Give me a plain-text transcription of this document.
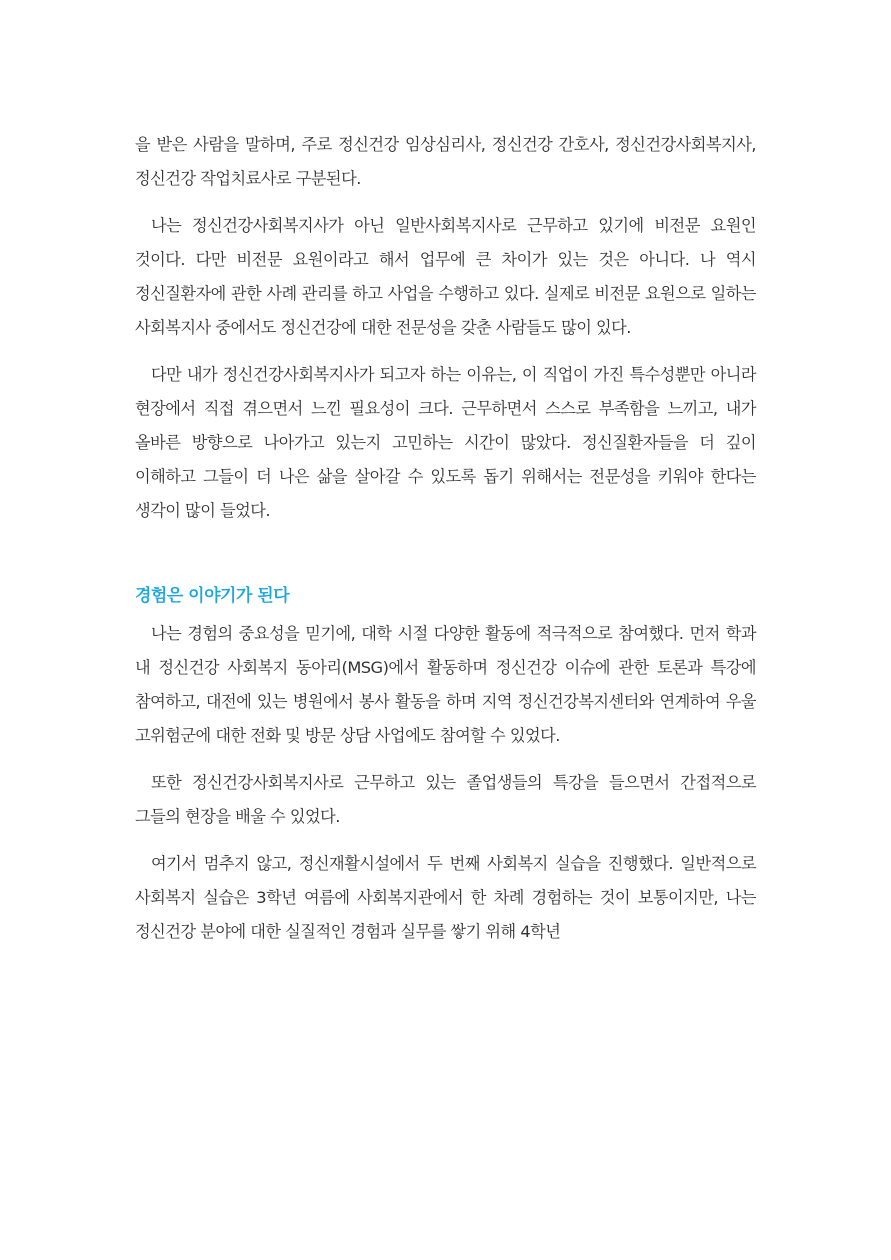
을 받은 사람을 말하며, 주로 정신건강 임상심리사, 정신건강 간호사, 정신건강사회복지사, 정신건강 작업치료사로 구분된다.

나는 정신건강사회복지사가 아닌 일반사회복지사로 근무하고 있기에 비전문 요원인 것이다. 다만 비전문 요원이라고 해서 업무에 큰 차이가 있는 것은 아니다. 나 역시 정신질환자에 관한 사례 관리를 하고 사업을 수행하고 있다. 실제로 비전문 요원으로 일하는 사회복지사 중에서도 정신건강에 대한 전문성을 갖춘 사람들도 많이 있다.

다만 내가 정신건강사회복지사가 되고자 하는 이유는, 이 직업이 가진 특수성뿐만 아니라 현장에서 직접 겪으면서 느낀 필요성이 크다. 근무하면서 스스로 부족함을 느끼고, 내가 올바른 방향으로 나아가고 있는지 고민하는 시간이 많았다. 정신질환자들을 더 깊이 이해하고 그들이 더 나은 삶을 살아갈 수 있도록 돕기 위해서는 전문성을 키워야 한다는 생각이 많이 들었다.

경험은 이야기가 된다

나는 경험의 중요성을 믿기에, 대학 시절 다양한 활동에 적극적으로 참여했다. 먼저 학과 내 정신건강 사회복지 동아리(MSG)에서 활동하며 정신건강 이슈에 관한 토론과 특강에 참여하고, 대전에 있는 병원에서 봉사 활동을 하며 지역 정신건강복지센터와 연계하여 우울 고위험군에 대한 전화 및 방문 상담 사업에도 참여할 수 있었다.

또한 정신건강사회복지사로 근무하고 있는 졸업생들의 특강을 들으면서 간접적으로 그들의 현장을 배울 수 있었다.

여기서 멈추지 않고, 정신재활시설에서 두 번째 사회복지 실습을 진행했다. 일반적으로 사회복지 실습은 3학년 여름에 사회복지관에서 한 차례 경험하는 것이 보통이지만, 나는 정신건강 분야에 대한 실질적인 경험과 실무를 쌓기 위해 4학년
